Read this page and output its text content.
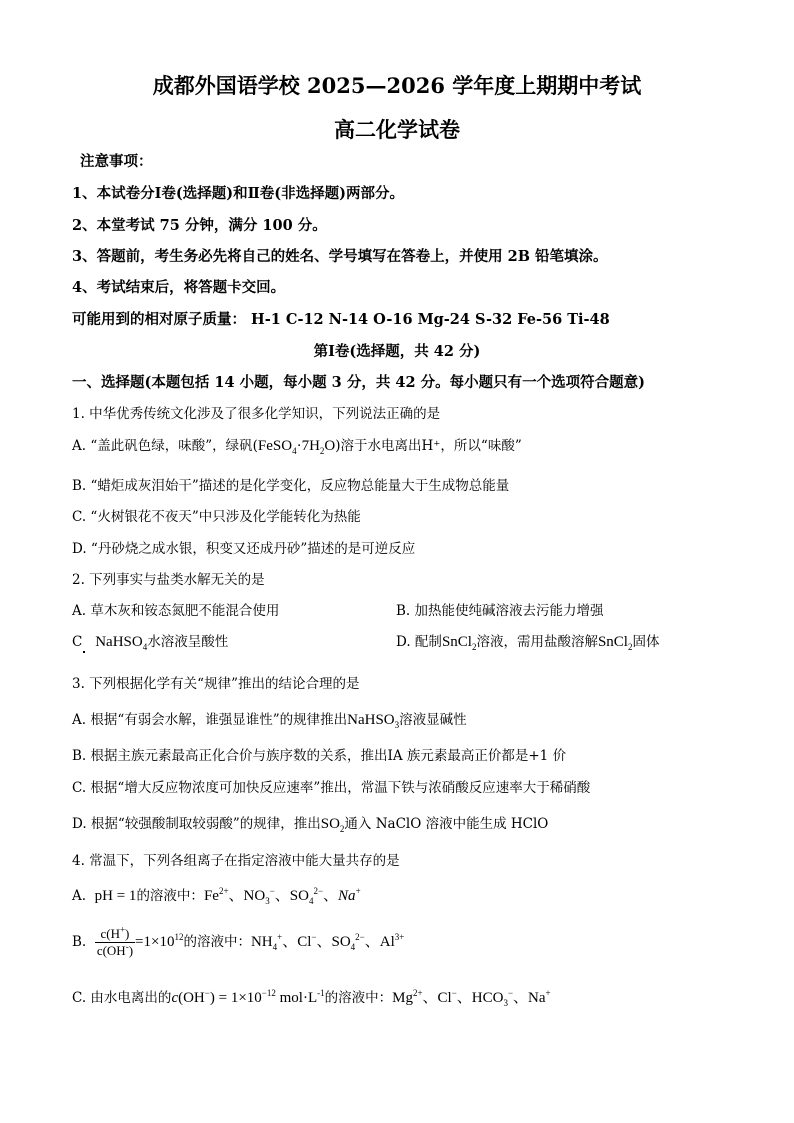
成都外国语学校 2025—2026 学年度上期期中考试
高二化学试卷
注意事项：
1、本试卷分Ⅰ卷(选择题)和Ⅱ卷(非选择题)两部分。
2、本堂考试 75 分钟，满分 100 分。
3、答题前，考生务必先将自己的姓名、学号填写在答卷上，并使用 2B 铅笔填涂。
4、考试结束后，将答题卡交回。
可能用到的相对原子质量： H-1 C-12 N-14 O-16 Mg-24 S-32 Fe-56 Ti-48
第Ⅰ卷(选择题，共 42 分)
一、选择题(本题包括 14 小题，每小题 3 分，共 42 分。每小题只有一个选项符合题意)
1. 中华优秀传统文化涉及了很多化学知识，下列说法正确的是
A. “盖此矾色绿，味酸”，绿矾$(FeSO_4\cdot 7H_2O)$溶于水电离出H⁺，所以“味酸”
B. “蜡炬成灰泪始干”描述的是化学变化，反应物总能量大于生成物总能量
C. “火树银花不夜天”中只涉及化学能转化为热能
D. “丹砂烧之成水银，积变又还成丹砂”描述的是可逆反应
2. 下列事实与盐类水解无关的是
A. 草木灰和铵态氮肥不能混合使用	B. 加热能使纯碱溶液去污能力增强
C NaHSO$_4$水溶液呈酸性	D. 配制SnCl$_2$溶液，需用盐酸溶解SnCl$_2$固体
3. 下列根据化学有关“规律”推出的结论合理的是
A. 根据“有弱会水解，谁强显谁性”的规律推出NaHSO$_3$溶液显碱性
B. 根据主族元素最高正化合价与族序数的关系，推出ⅠA 族元素最高正价都是+1 价
C. 根据“增大反应物浓度可加快反应速率”推出，常温下铁与浓硝酸反应速率大于稀硝酸
D. 根据“较强酸制取较弱酸”的规律，推出$SO_2$通入 NaClO 溶液中能生成 HClO
4. 常温下，下列各组离子在指定溶液中能大量共存的是
A. pH = 1的溶液中：$Fe^{2+}$、$NO_3^-$、$SO_4^{2-}$、Na+
B. $\frac{c(H^+)}{c(OH^-)} =1\times 10^{12}$的溶液中：$NH_4^+$、Cl−、$SO_4^{2-}$、$Al^{3+}$
C. 由水电离出的$c(OH^-) = 1\times 10^{-12}$ $mol\cdot L^{-1}$的溶液中：$Mg^{2+}$、Cl−、$HCO_3^-$、Na+
